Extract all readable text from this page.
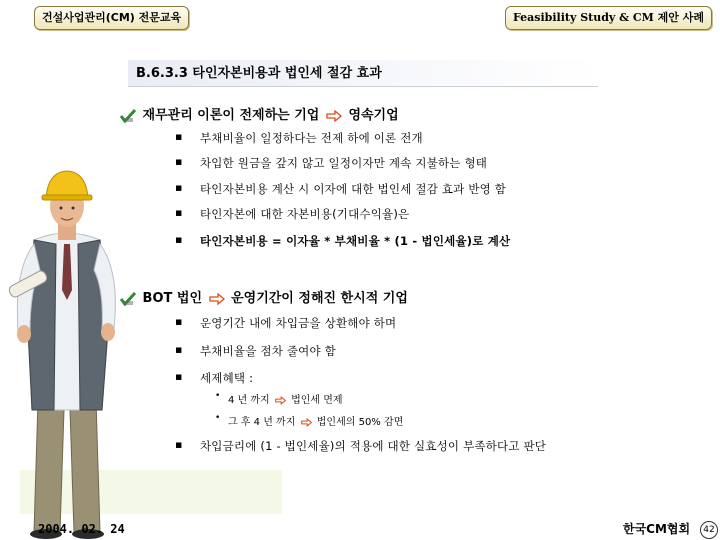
건설사업관리(CM) 전문교육	Feasibility Study & CM 제안 사례
B.6.3.3 타인자본비용과 법인세 절감 효과
재무관리 이론이 전제하는 기업 영속기업
▪ 부채비율이 일정하다는 전제 하에 이론 전개
▪ 차입한 원금을 갚지 않고 일정이자만 계속 지불하는 형태
▪ 타인자본비용 계산 시 이자에 대한 법인세 절감 효과 반영 함
▪ 타인자본에 대한 자본비용(기대수익율)은
▪ 타인자본비용 = 이자율 * 부채비율 * (1 - 법인세율)로 계산
BOT 법인 운영기간이 정해진 한시적 기업
▪ 운영기간 내에 차입금을 상환해야 하며
▪ 부채비율을 점차 줄여야 함
▪ 세제혜택 :
• 4 년 까지 법인세 면제
• 그 후 4 년 까지 법인세의 50% 감면
▪ 차입금리에 (1 - 법인세율)의 적용에 대한 실효성이 부족하다고 판단
2004. 02. 24	한국CM협회	42
